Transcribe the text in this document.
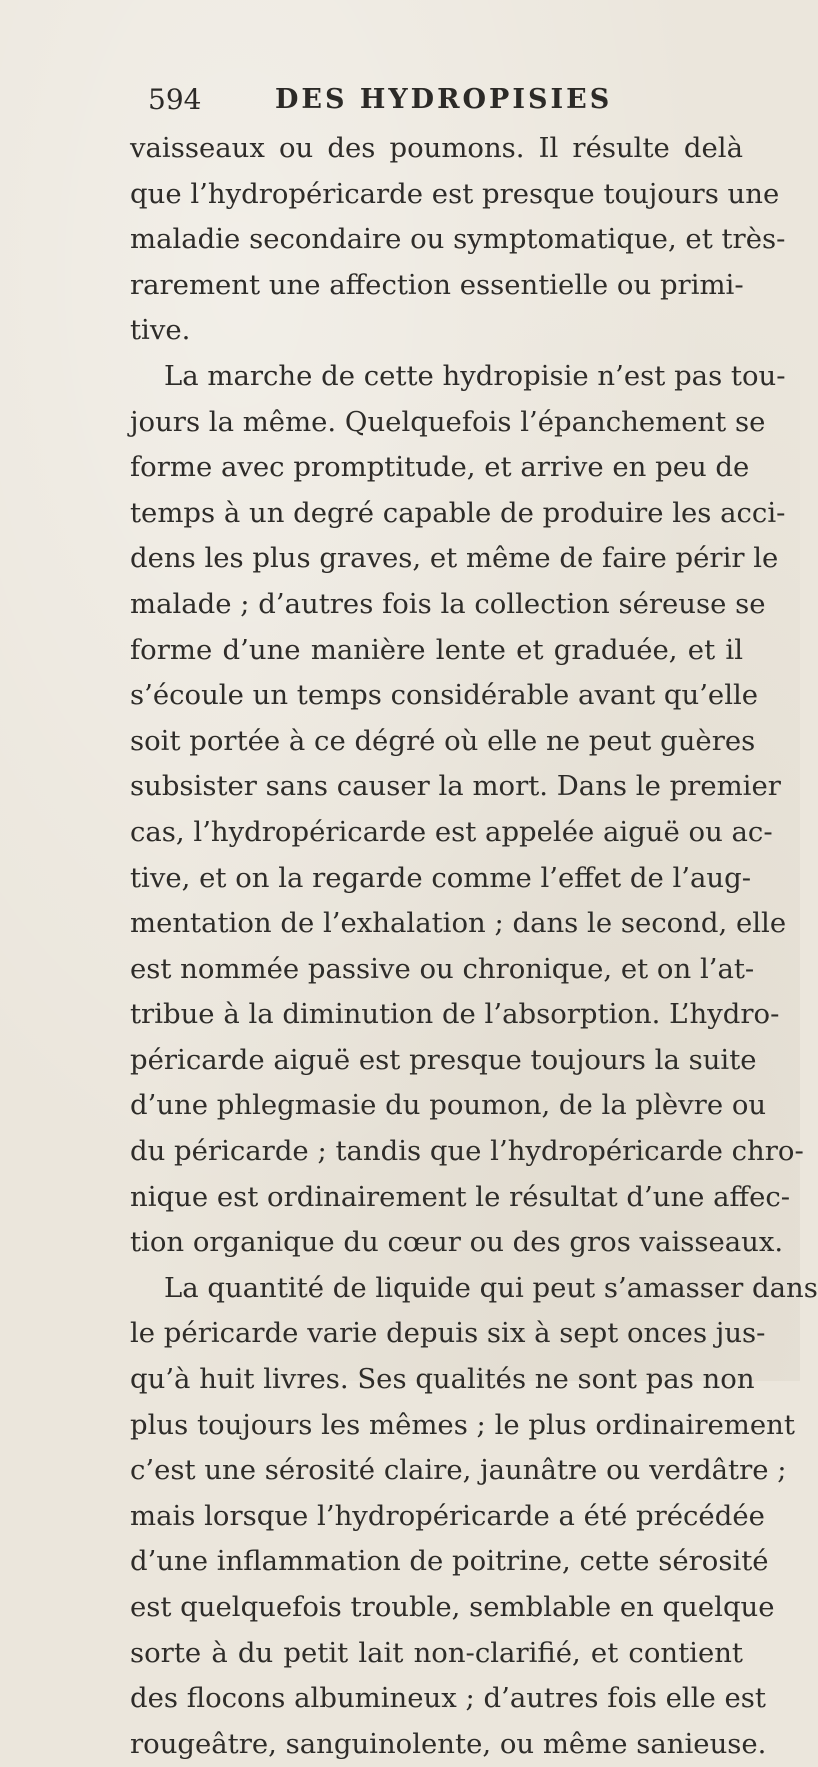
594	DES HYDROPISIES
vaisseaux ou des poumons. Il résulte delà
que l’hydropéricarde est presque toujours une
maladie secondaire ou symptomatique, et très-
rarement une affection essentielle ou primi-
tive.
La marche de cette hydropisie n’est pas tou-
jours la même. Quelquefois l’épanchement se
forme avec promptitude, et arrive en peu de
temps à un degré capable de produire les acci-
dens les plus graves, et même de faire périr le
malade ; d’autres fois la collection séreuse se
forme d’une manière lente et graduée, et il
s’écoule un temps considérable avant qu’elle
soit portée à ce dégré où elle ne peut guères
subsister sans causer la mort. Dans le premier
cas, l’hydropéricarde est appelée aiguë ou ac-
tive, et on la regarde comme l’effet de l’aug-
mentation de l’exhalation ; dans le second, elle
est nommée passive ou chronique, et on l’at-
tribue à la diminution de l’absorption. L’hydro-
péricarde aiguë est presque toujours la suite
d’une phlegmasie du poumon, de la plèvre ou
du péricarde ; tandis que l’hydropéricarde chro-
nique est ordinairement le résultat d’une affec-
tion organique du cœur ou des gros vaisseaux.
La quantité de liquide qui peut s’amasser dans
le péricarde varie depuis six à sept onces jus-
qu’à huit livres. Ses qualités ne sont pas non
plus toujours les mêmes ; le plus ordinairement
c’est une sérosité claire, jaunâtre ou verdâtre ;
mais lorsque l’hydropéricarde a été précédée
d’une inflammation de poitrine, cette sérosité
est quelquefois trouble, semblable en quelque
sorte à du petit lait non-clarifié, et contient
des flocons albumineux ; d’autres fois elle est
rougeâtre, sanguinolente, ou même sanieuse.
